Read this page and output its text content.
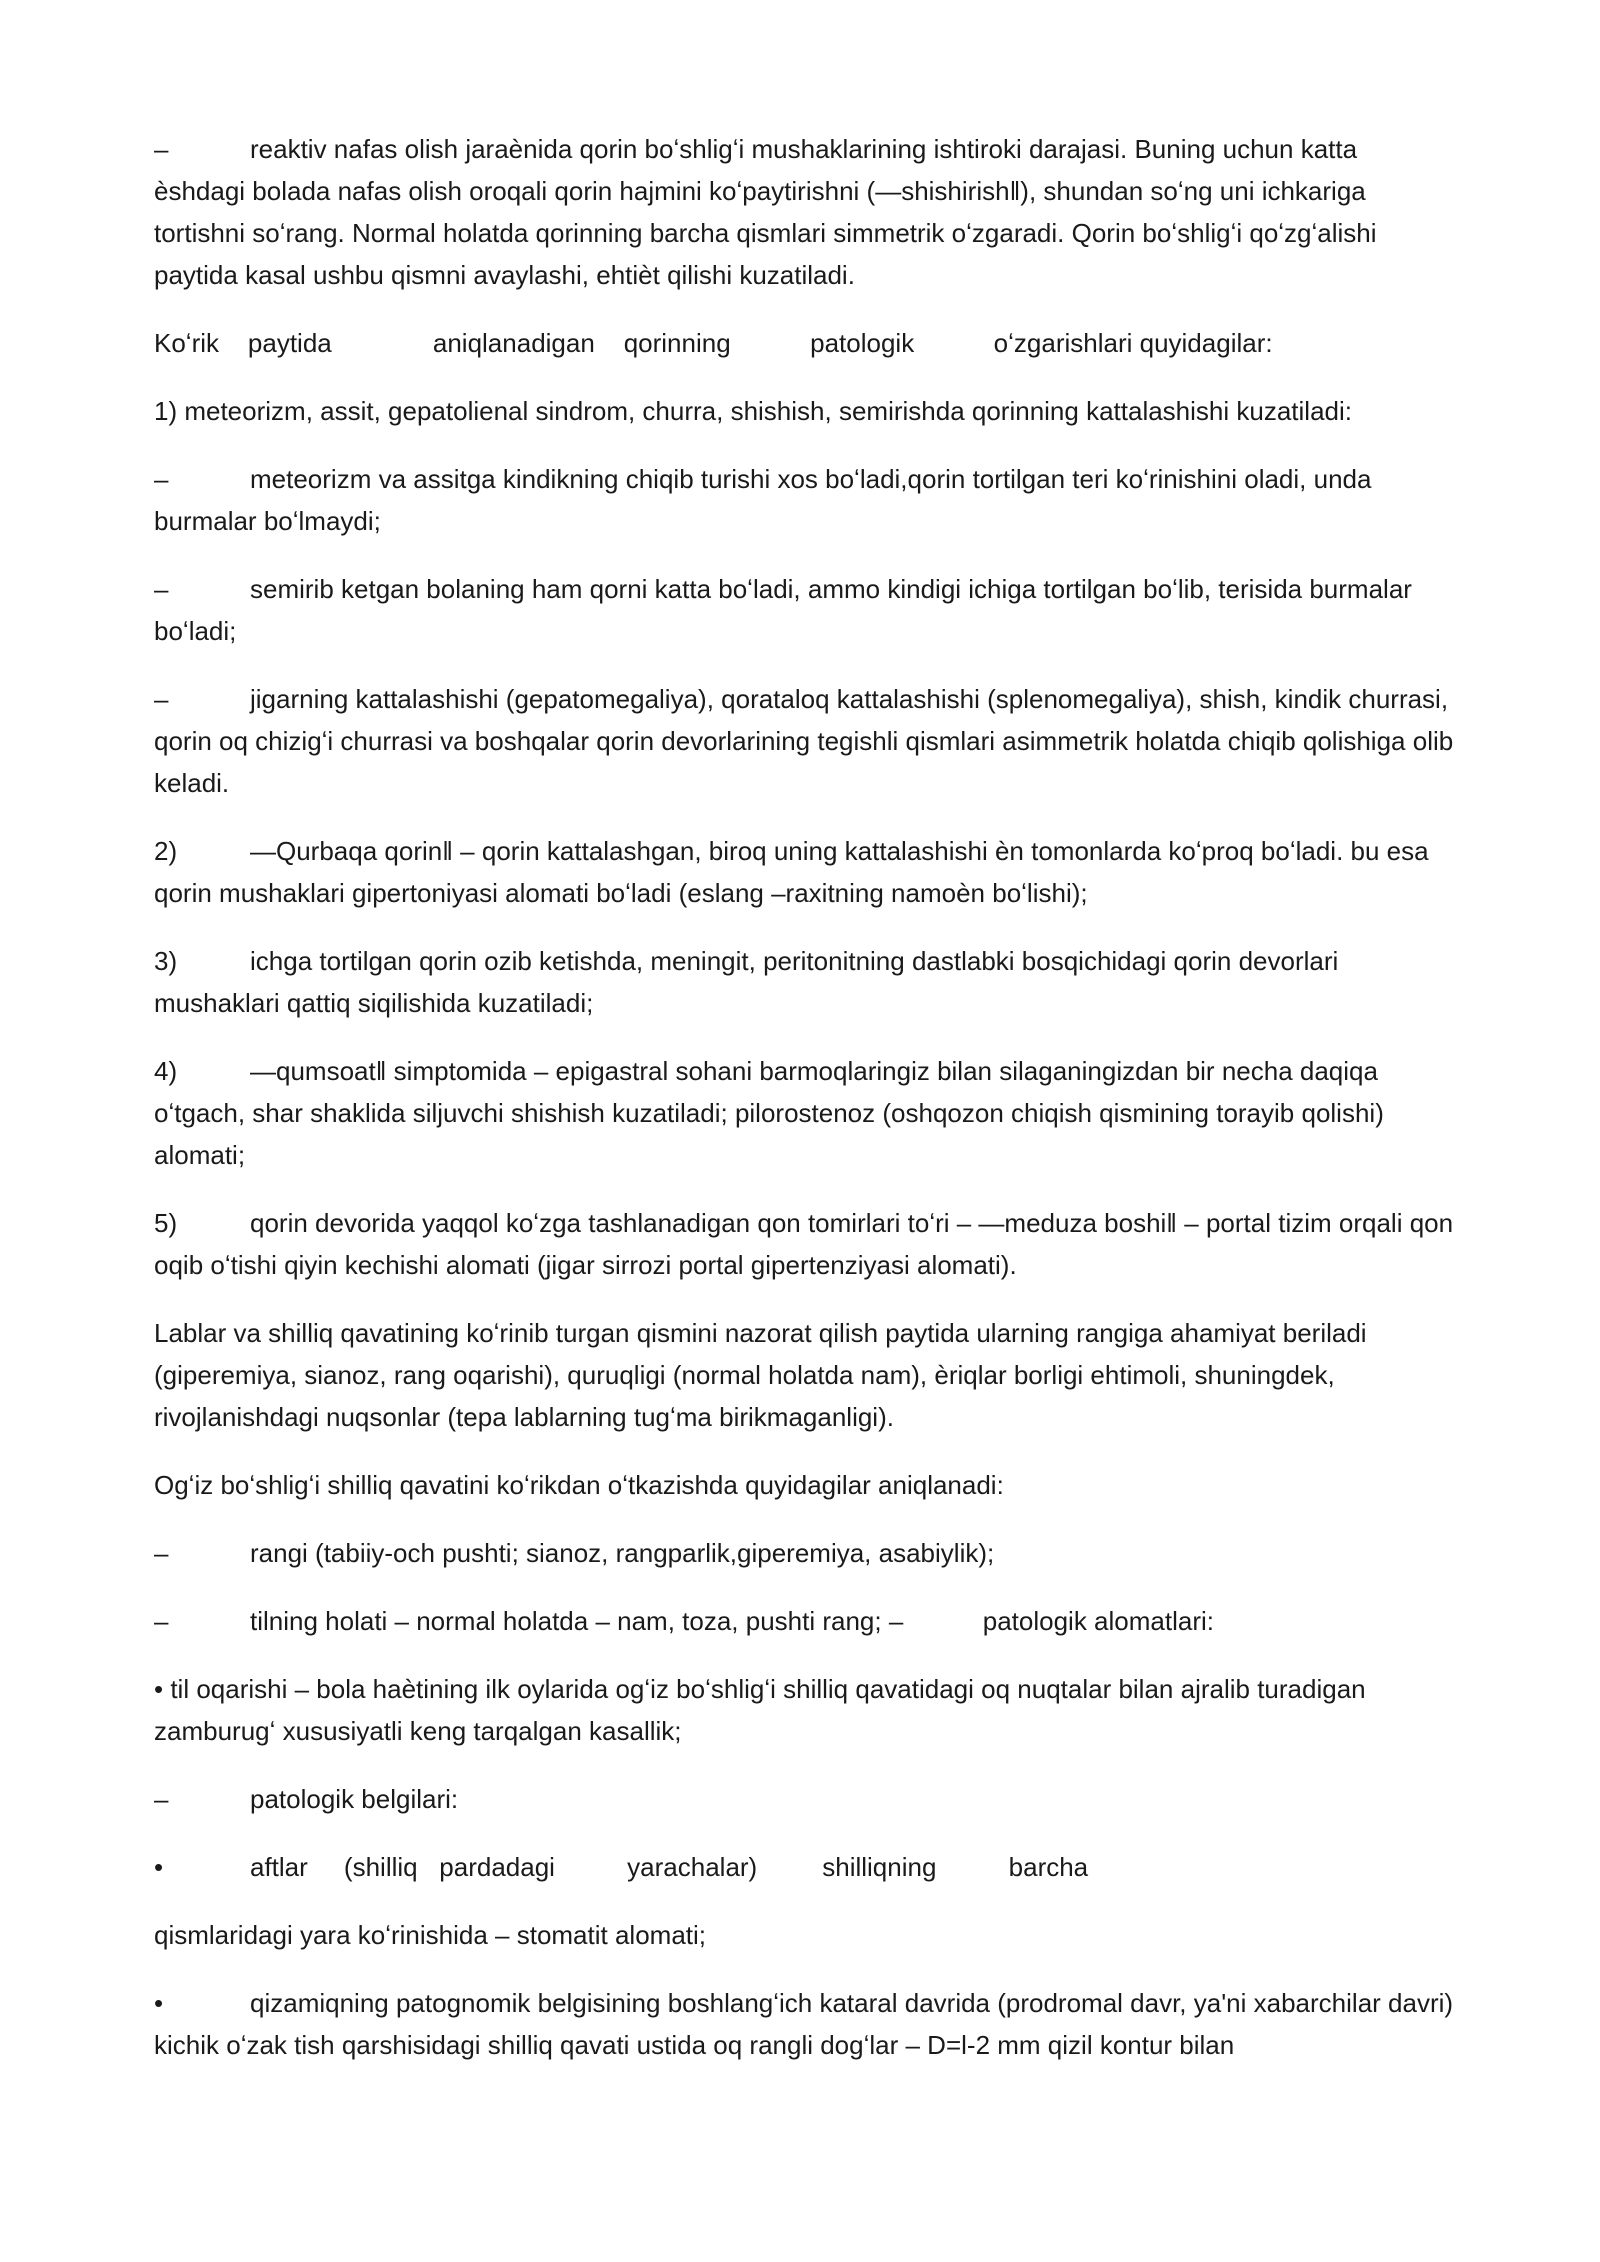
–	reaktiv nafas olish jaraènida qorin boʻshligʻi mushaklarining ishtiroki darajasi. Buning uchun katta èshdagi bolada nafas olish oroqali qorin hajmini koʻpaytirishni (―shishirish‖), shundan soʻng uni ichkariga tortishni soʻrang. Normal holatda qorinning barcha qismlari simmetrik oʻzgaradi. Qorin boʻshligʻi qoʻzgʻalishi paytida kasal ushbu qismni avaylashi, ehtièt qilishi kuzatiladi.

Koʻrik    paytida              aniqlanadigan    qorinning           patologik           oʻzgarishlari quyidagilar:

1) meteorizm, assit, gepatolienal sindrom, churra, shishish, semirishda qorinning kattalashishi kuzatiladi:

–	meteorizm va assitga kindikning chiqib turishi xos boʻladi,qorin tortilgan teri koʻrinishini oladi, unda burmalar boʻlmaydi;

–	semirib ketgan bolaning ham qorni katta boʻladi, ammo kindigi ichiga tortilgan boʻlib, terisida burmalar boʻladi;

–	jigarning kattalashishi (gepatomegaliya), qorataloq kattalashishi (splenomegaliya), shish, kindik churrasi, qorin oq chizigʻi churrasi va boshqalar qorin devorlarining tegishli qismlari asimmetrik holatda chiqib qolishiga olib keladi.

2)	―Qurbaqa qorin‖ – qorin kattalashgan, biroq uning kattalashishi èn tomonlarda koʻproq boʻladi. bu esa qorin mushaklari gipertoniyasi alomati boʻladi (eslang –raxitning namoèn boʻlishi);

3)	ichga tortilgan qorin ozib ketishda, meningit, peritonitning dastlabki bosqichidagi qorin devorlari mushaklari qattiq siqilishida kuzatiladi;

4)	―qumsoat‖ simptomida – epigastral sohani barmoqlaringiz bilan silaganingizdan bir necha daqiqa oʻtgach, shar shaklida siljuvchi shishish kuzatiladi; pilorostenoz (oshqozon chiqish qismining torayib qolishi) alomati;

5)	qorin devorida yaqqol koʻzga tashlanadigan qon tomirlari toʻri – ―meduza boshi‖ – portal tizim orqali qon oqib oʻtishi qiyin kechishi alomati (jigar sirrozi portal gipertenziyasi alomati).

Lablar va shilliq qavatining koʻrinib turgan qismini nazorat qilish paytida ularning rangiga ahamiyat beriladi (giperemiya, sianoz, rang oqarishi), quruqligi (normal holatda nam), èriqlar borligi ehtimoli, shuningdek, rivojlanishdagi nuqsonlar (tepa lablarning tugʻma birikmaganligi).

Ogʻiz boʻshligʻi shilliq qavatini koʻrikdan oʻtkazishda quyidagilar aniqlanadi:

–	rangi (tabiiy-och pushti; sianoz, rangparlik,giperemiya, asabiylik);

–	tilning holati – normal holatda – nam, toza, pushti rang; –           patologik alomatlari:

• til oqarishi – bola haètining ilk oylarida ogʻiz boʻshligʻi shilliq qavatidagi oq nuqtalar bilan ajralib turadigan zamburugʻ xususiyatli keng tarqalgan kasallik;

–	patologik belgilari:

•	aftlar     (shilliq   pardadagi          yarachalar)         shilliqning          barcha

qismlaridagi yara koʻrinishida – stomatit alomati;

•	qizamiqning patognomik belgisining boshlangʻich kataral davrida (prodromal davr, ya'ni xabarchilar davri) kichik oʻzak tish qarshisidagi shilliq qavati ustida oq rangli dogʻlar – D=l-2 mm qizil kontur bilan
